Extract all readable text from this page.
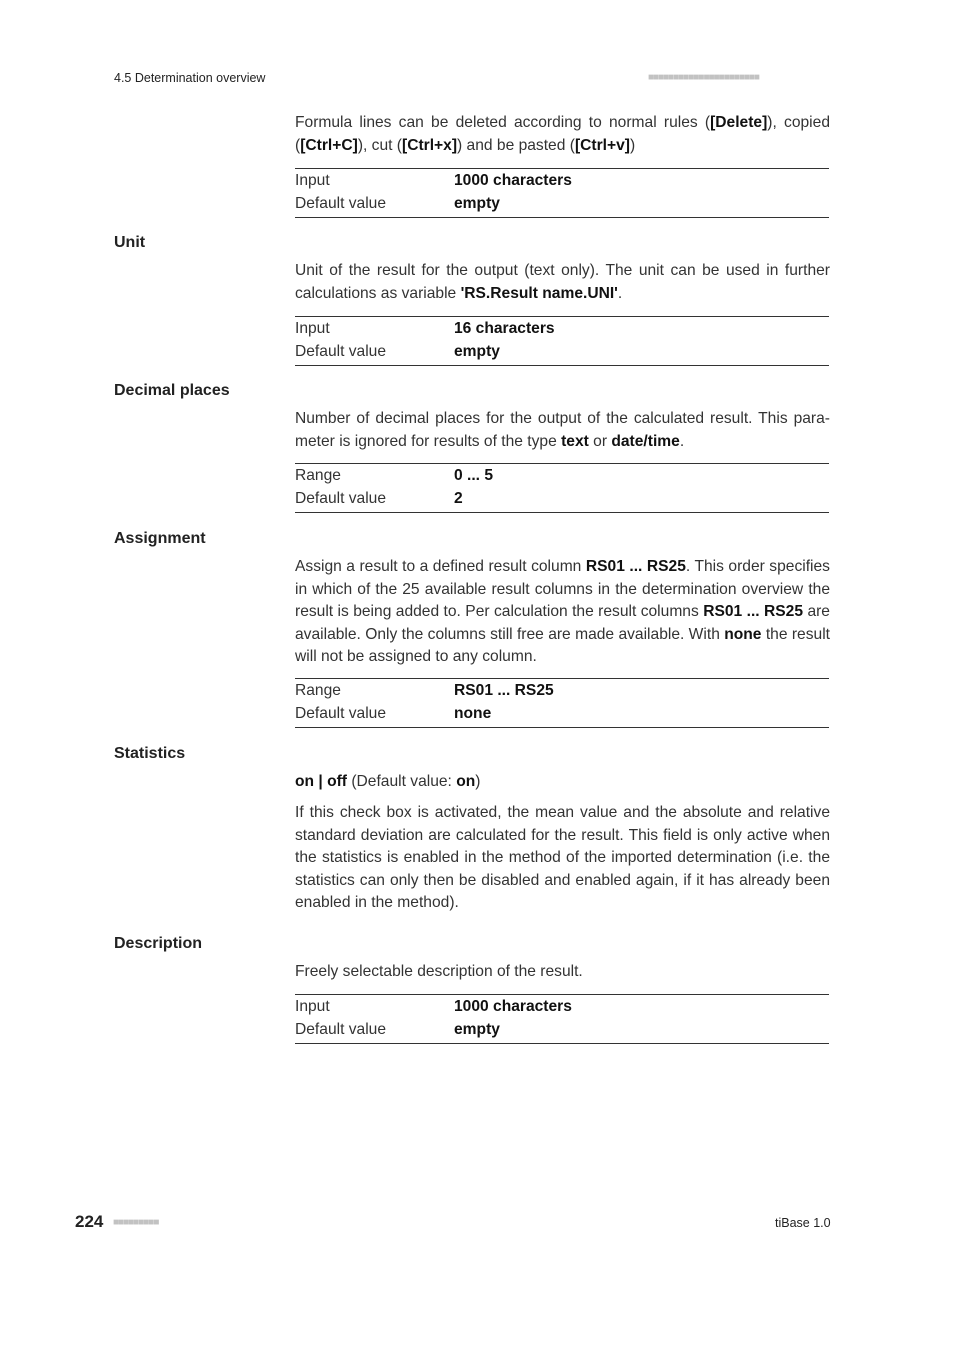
4.5 Determination overview	■■■■■■■■■■■■■■■■■■■■■■
Formula lines can be deleted according to normal rules ([Delete]), copied ([Ctrl+C]), cut ([Ctrl+x]) and be pasted ([Ctrl+v])
Input	1000 characters
Default value	empty
Unit
Unit of the result for the output (text only). The unit can be used in further calculations as variable 'RS.Result name.UNI'.
Input	16 characters
Default value	empty
Decimal places
Number of decimal places for the output of the calculated result. This parameter is ignored for results of the type text or date/time.
Range	0 ... 5
Default value	2
Assignment
Assign a result to a defined result column RS01 ... RS25. This order specifies in which of the 25 available result columns in the determination overview the result is being added to. Per calculation the result columns RS01 ... RS25 are available. Only the columns still free are made available. With none the result will not be assigned to any column.
Range	RS01 ... RS25
Default value	none
Statistics
on | off (Default value: on)
If this check box is activated, the mean value and the absolute and relative standard deviation are calculated for the result. This field is only active when the statistics is enabled in the method of the imported determination (i.e. the statistics can only then be disabled and enabled again, if it has already been enabled in the method).
Description
Freely selectable description of the result.
Input	1000 characters
Default value	empty
224 ■■■■■■■■■	tiBase 1.0
